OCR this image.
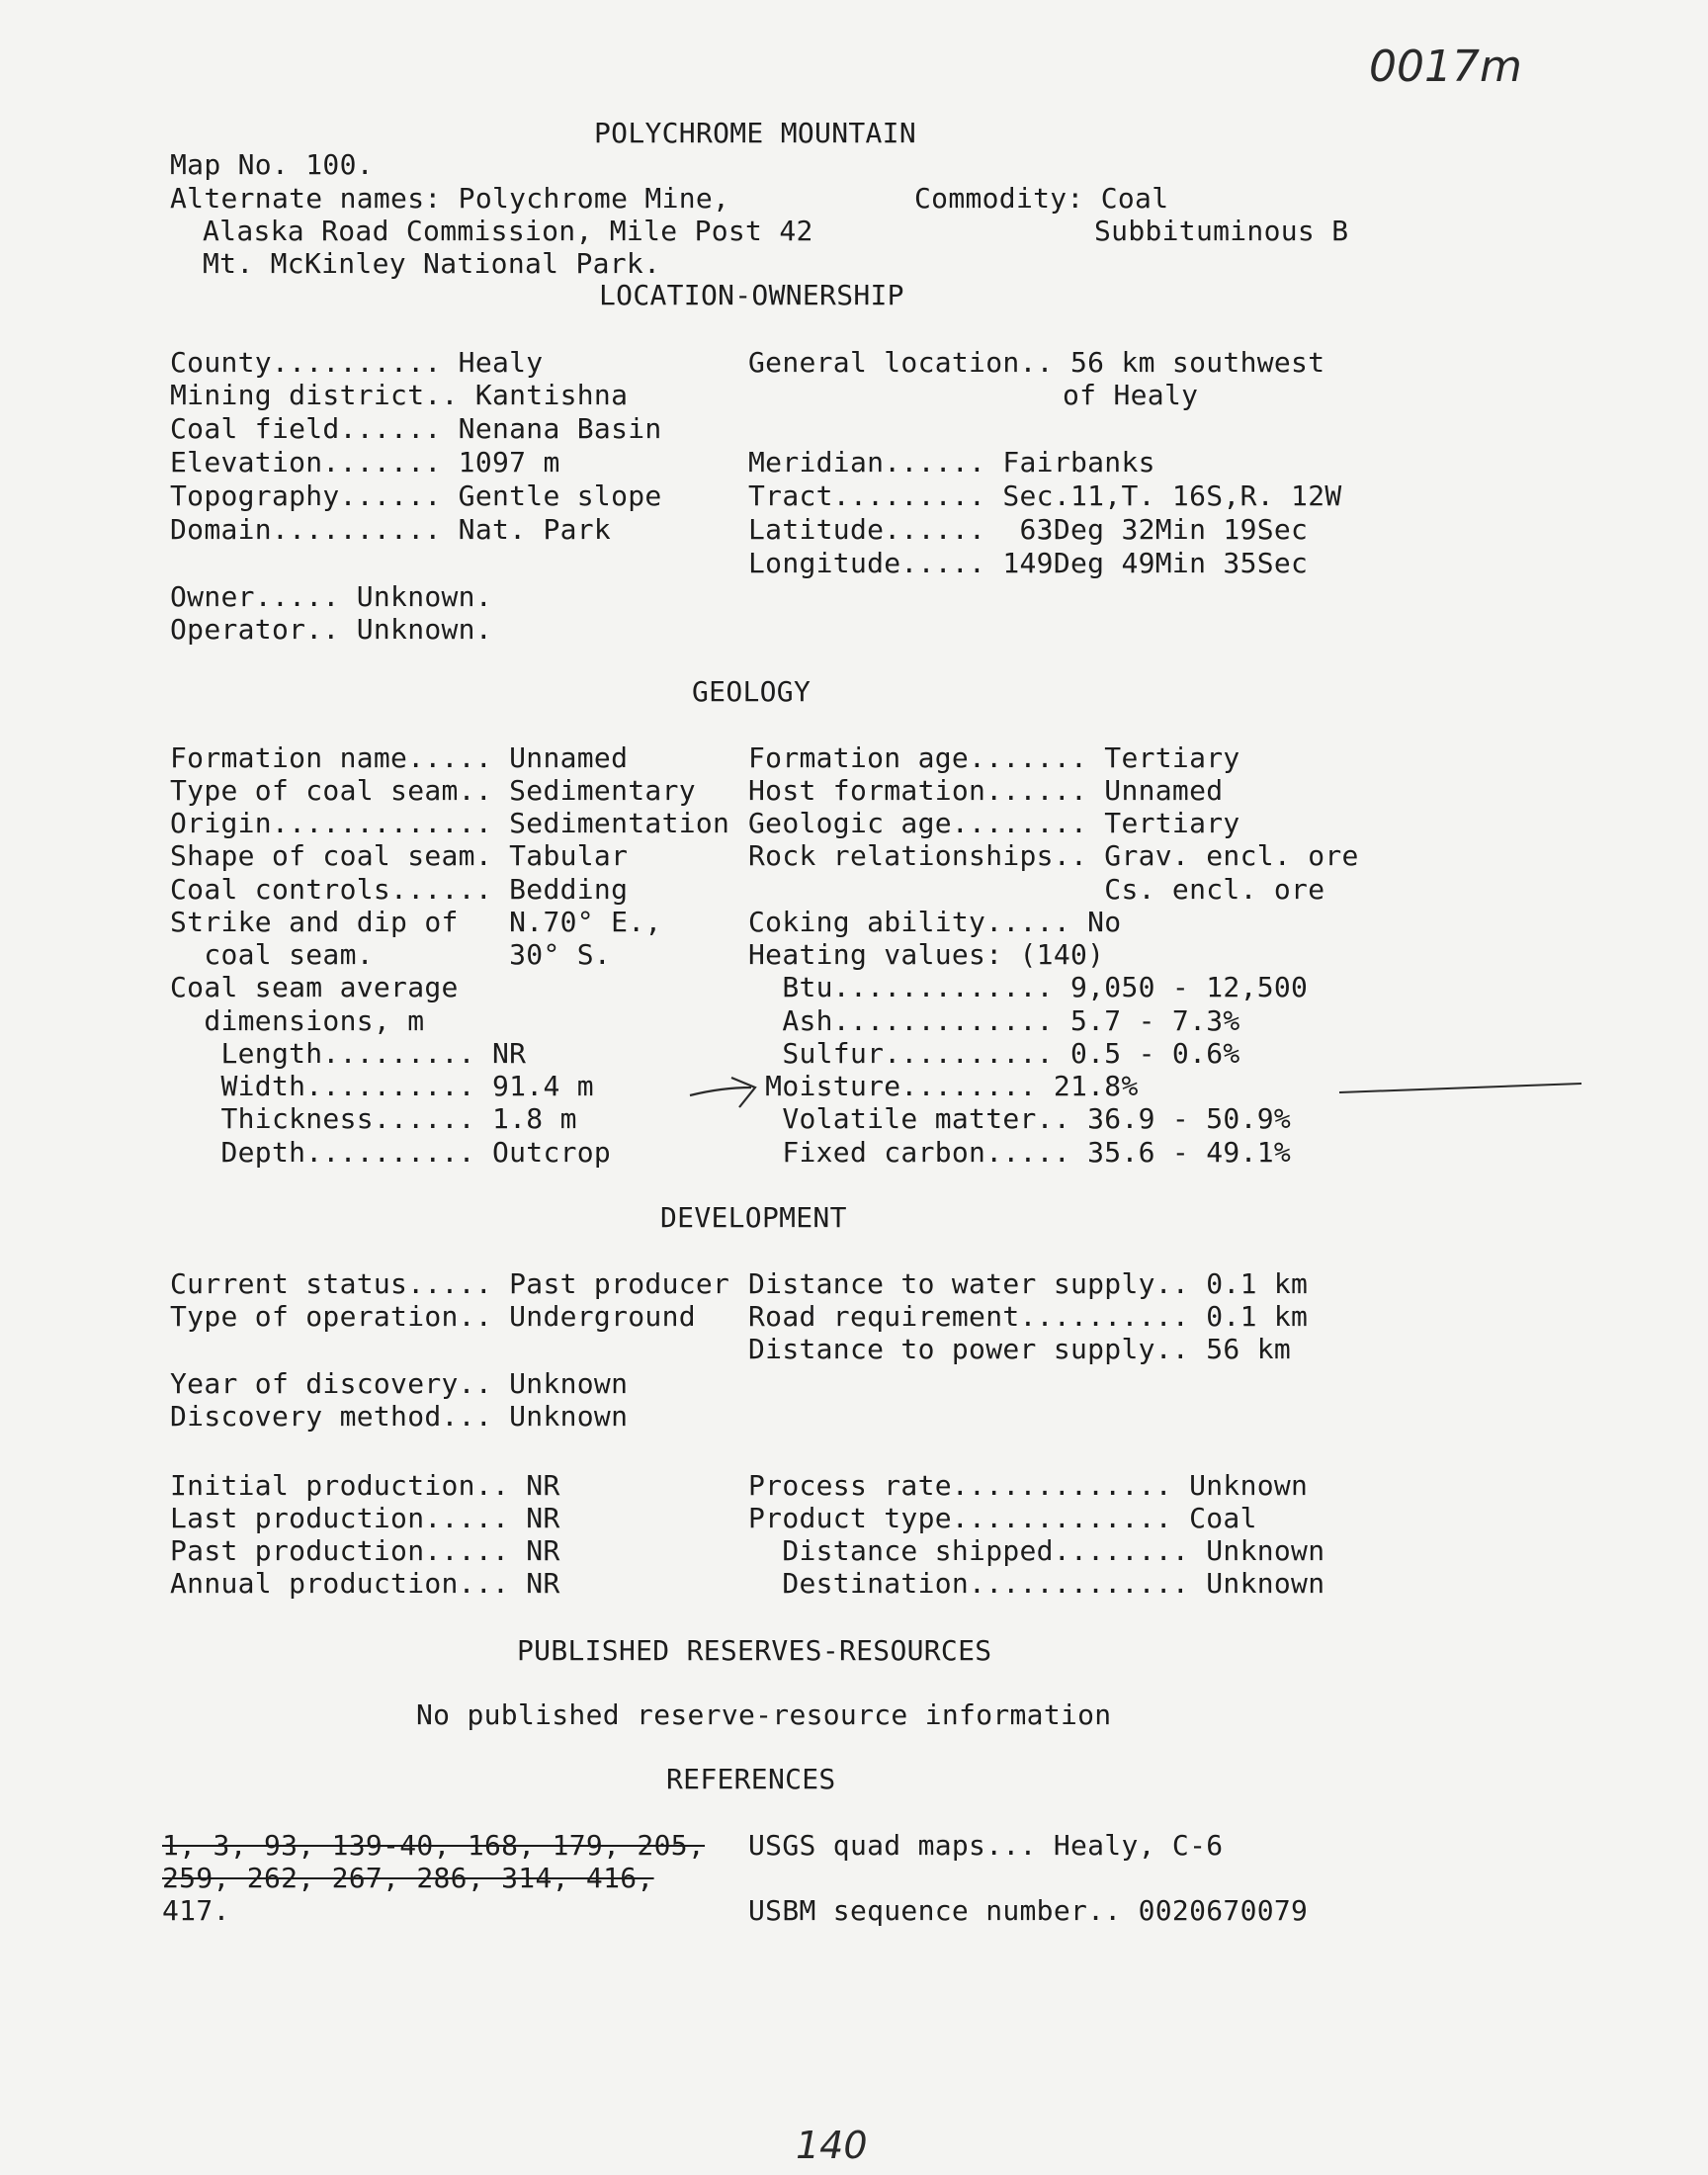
0017m
140
POLYCHROME MOUNTAIN
Map No. 100.
Alternate names: Polychrome Mine,
Alaska Road Commission, Mile Post 42
Mt. McKinley National Park.
Commodity: Coal
Subbituminous B
LOCATION-OWNERSHIP
County.......... Healy
Mining district.. Kantishna
Coal field...... Nenana Basin
Elevation....... 1097 m
Topography...... Gentle slope
Domain.......... Nat. Park
General location.. 56 km southwest
of Healy
Meridian...... Fairbanks
Tract......... Sec.11,T. 16S,R. 12W
Latitude......  63Deg 32Min 19Sec
Longitude..... 149Deg 49Min 35Sec
Owner..... Unknown.
Operator.. Unknown.
GEOLOGY
Formation name..... Unnamed
Type of coal seam.. Sedimentary
Origin............. Sedimentation
Shape of coal seam. Tabular
Coal controls...... Bedding
Strike and dip of   N.70° E.,
coal seam.        30° S.
Coal seam average
dimensions, m
Length......... NR
Width.......... 91.4 m
Thickness...... 1.8 m
Depth.......... Outcrop
Formation age....... Tertiary
Host formation...... Unnamed
Geologic age........ Tertiary
Rock relationships.. Grav. encl. ore
Cs. encl. ore
Coking ability..... No
Heating values: (140)
Btu............. 9,050 - 12,500
Ash............. 5.7 - 7.3%
Sulfur.......... 0.5 - 0.6%
Moisture........ 21.8%
Volatile matter.. 36.9 - 50.9%
Fixed carbon..... 35.6 - 49.1%
DEVELOPMENT
Current status..... Past producer
Type of operation.. Underground
Year of discovery.. Unknown
Discovery method... Unknown
Initial production.. NR
Last production..... NR
Past production..... NR
Annual production... NR
Distance to water supply.. 0.1 km
Road requirement.......... 0.1 km
Distance to power supply.. 56 km
Process rate............. Unknown
Product type............. Coal
Distance shipped........ Unknown
Destination............. Unknown
PUBLISHED RESERVES-RESOURCES
No published reserve-resource information
REFERENCES
1, 3, 93, 139-40, 168, 179, 205,
259, 262, 267, 286, 314, 416,
417.
USGS quad maps... Healy, C-6
USBM sequence number.. 0020670079
